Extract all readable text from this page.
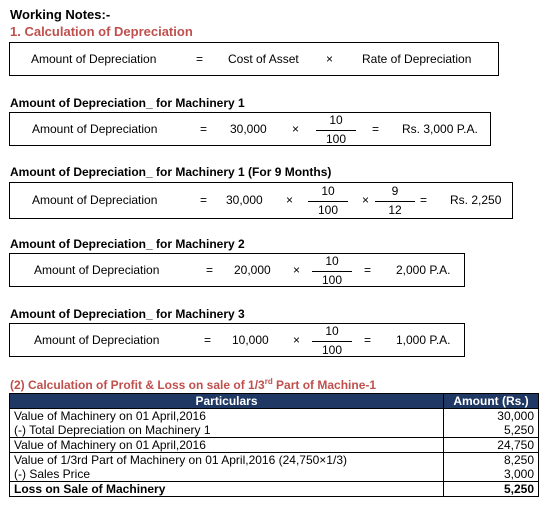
Working Notes:-
1. Calculation of Depreciation
Amount of Depreciation	= Cost of Asset × Rate of Depreciation
Amount of Depreciation_ for Machinery 1
Amount of Depreciation	= 30,000 ×
10
100
= Rs. 3,000 P.A.
Amount of Depreciation_ for Machinery 1 (For 9 Months)
Amount of Depreciation	= 30,000 ×
10
100
×
9
12
= Rs. 2,250
Amount of Depreciation_ for Machinery 2
Amount of Depreciation	= 20,000 ×
10
100
= 2,000 P.A.
Amount of Depreciation_ for Machinery 3
Amount of Depreciation	= 10,000 ×
10
100
= 1,000 P.A.
(2) Calculation of Profit & Loss on sale of 1/3rd Part of Machine-1
Particulars	Amount (Rs.)
Value of Machinery on 01 April,2016	30,000
(-) Total Depreciation on Machinery 1	5,250
Value of Machinery on 01 April,2016	24,750
Value of 1/3rd Part of Machinery on 01 April,2016 (24,750×1/3)	8,250
(-) Sales Price	3,000
Loss on Sale of Machinery	5,250
